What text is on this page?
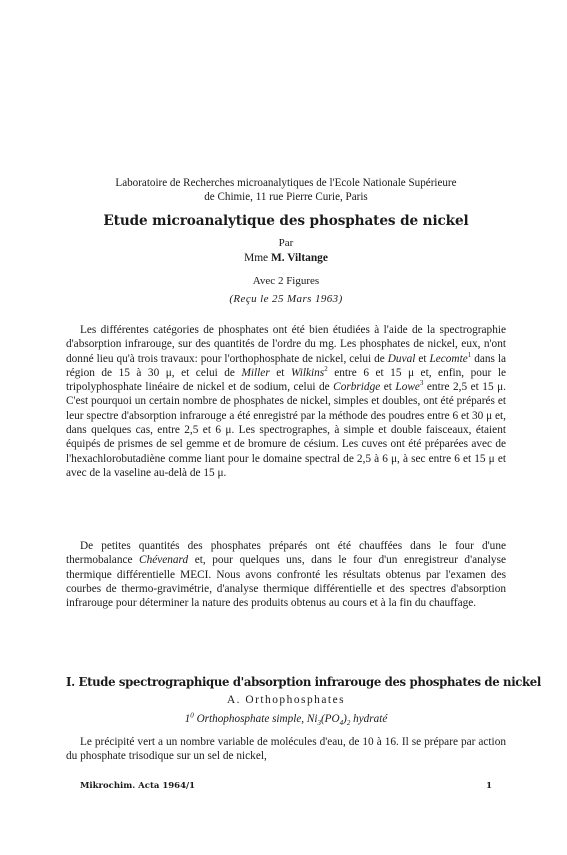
Laboratoire de Recherches microanalytiques de l'Ecole Nationale Supérieure
de Chimie, 11 rue Pierre Curie, Paris
Etude microanalytique des phosphates de nickel
Par
Mme M. Viltange
Avec 2 Figures
(Reçu le 25 Mars 1963)

Les différentes catégories de phosphates ont été bien étudiées à l'aide de la spectrographie d'absorption infrarouge, sur des quantités de l'ordre du mg. Les phosphates de nickel, eux, n'ont donné lieu qu'à trois travaux: pour l'orthophosphate de nickel, celui de Duval et Lecomte$^1$ dans la région de 15 à 30 μ, et celui de Miller et Wilkins$^2$ entre 6 et 15 μ et, enfin, pour le tripolyphosphate linéaire de nickel et de sodium, celui de Corbridge et Lowe$^3$ entre 2,5 et 15 μ. C'est pourquoi un certain nombre de phosphates de nickel, simples et doubles, ont été préparés et leur spectre d'absorption infrarouge a été enregistré par la méthode des poudres entre 6 et 30 μ et, dans quelques cas, entre 2,5 et 6 μ. Les spectrographes, à simple et double faisceaux, étaient équipés de prismes de sel gemme et de bromure de césium. Les cuves ont été préparées avec de l'hexachlorobutadiène comme liant pour le domaine spectral de 2,5 à 6 μ, à sec entre 6 et 15 μ et avec de la vaseline au-delà de 15 μ.

De petites quantités des phosphates préparés ont été chauffées dans le four d'une thermobalance Chévenard et, pour quelques uns, dans le four d'un enregistreur d'analyse thermique différentielle MECI. Nous avons confronté les résultats obtenus par l'examen des courbes de thermo-gravimétrie, d'analyse thermique différentielle et des spectres d'absorption infrarouge pour déterminer la nature des produits obtenus au cours et à la fin du chauffage.

I. Etude spectrographique d'absorption infrarouge des phosphates de nickel
A. Orthophosphates
$1^0$ Orthophosphate simple, $Ni_3(PO_4)_2$ hydraté

Le précipité vert a un nombre variable de molécules d'eau, de 10 à 16. Il se prépare par action du phosphate trisodique sur un sel de nickel,

Mikrochim. Acta 1964/1	1
